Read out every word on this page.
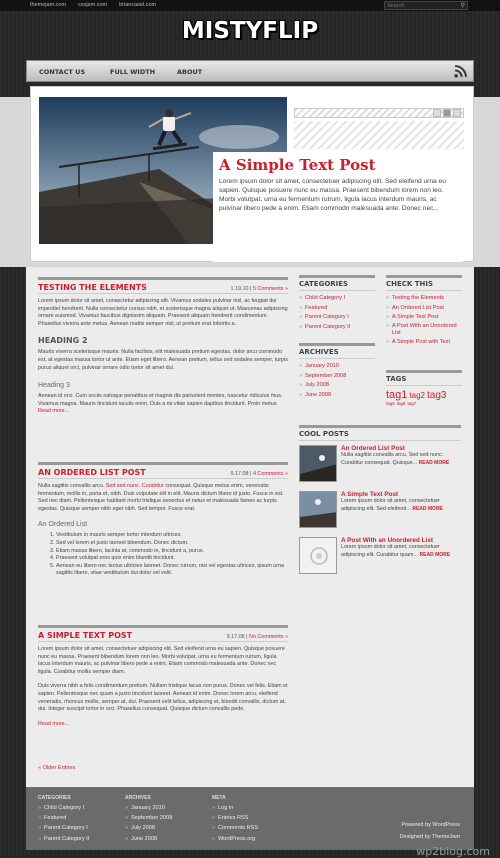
themejam.com cssjam.com briancasel.com
Search	⚲
MISTYFLIP
CONTACT US	FULL WIDTH	ABOUT
A Simple Text Post
Lorem ipsum dolor sit amet, consectetuer adipiscing elit. Sed eleifend urna eu sapien. Quisque posuere nunc eu massa. Praesent bibendum lorem non leo. Morbi volutpat, urna eu fermentum rutrum, ligula lacus interdum mauris, ac pulvinar libero pede a enim. Etiam commodo malesuada ante. Donec nec...
TESTING THE ELEMENTS	1.19.10 | 5 Comments »
Lorem ipsum dolor sit amet, consectetur adipiscing elit. Vivamus sodales pulvinar nisl, ac feugiat dui imperdiet hendrerit. Nulla consectetur cursus nibh, et scelerisque magna aliquet ut. Maecenas adipiscing ornare euismod. Vivamus faucibus dignissim aliquam. Praesent aliquam hendrerit condimentum. Phasellus viverra ante metus. Aenean mattis semper nisl, ut pretium erat lobortis a.
HEADING 2
Mauris viverra scelerisque mauris. Nulla facilisis, elit malesuada pretium egestas, dolor arcu commodo est, at egestas massa tortor ut ante. Etiam eget libero. Aenean pretium, tellus sed sodales semper, turpis purus aliquet orci, pulvinar ornare odio tortor sit amet dui.
Heading 3
Aenean id orci. Cum sociis natoque penatibus et magnis dis parturient montes, nascetur ridiculus mus. Vivamus magna. Mauris tincidunt iaculis enim. Duis a mi vitae sapien dapibus tincidunt. Proin metus. Read more...
AN ORDERED LIST POST	9.17.08 | 4 Comments »
Nulla sagittis convallis arcu. Sed sed nunc. Curabitur consequat. Quisque metus enim, venenatis fermentum, mollis in, porta et, nibh. Duis vulputate elit in elit. Mauris dictum libero id justo. Fusce in est. Sed nec diam. Pellentesque habitant morbi tristique senectus et netus et malesuada fames ac turpis egestas. Quisque semper nibh eget nibh. Sed tempor. Fusce erat.
An Ordered List
1. Vestibulum in mauris semper tortor interdum ultrices.
2. Sed vel lorem et justo laoreet bibendum. Donec dictum.
3. Etiam massa libero, lacinia at, commodo in, tincidunt a, purus.
4. Praesent volutpat eros quis enim blandit tincidunt.
5. Aenean eu libero nec lectus ultricies laoreet. Donec rutrum, nisi vel egestas ultrices, ipsum urna sagittis libero, vitae vestibulum dui dolor vel velit.
A SIMPLE TEXT POST	9.17.08 | No Comments »
Lorem ipsum dolor sit amet, consectetuer adipiscing elit. Sed eleifend urna eu sapien. Quisque posuere nunc eu massa. Praesent bibendum lorem non leo. Morbi volutpat, urna eu fermentum rutrum, ligula lacus interdum mauris, ac pulvinar libero pede a enim. Etiam commodo malesuada ante. Donec nec ligula. Curabitur mollis semper diam.
Duis viverra nibh a felis condimentum pretium. Nullam tristique lacus non purus. Donec vel felis. Etiam et sapien. Pellentesque nec quam a justo tincidunt laoreet. Aenean id enim. Donec lorem arcu, eleifend venenatis, rhoncus mollis, semper at, dui. Praesent velit tellus, adipiscing et, blandit convallis, dictum at, dui. Integer suscipit tortor in orci. Phasellus consequat. Quisque dictum convallis pede.
Read more...
« Older Entries
CATEGORIES
» Child Category I
» Featured
» Parent Category I
» Parent Category II
ARCHIVES
» January 2010
» September 2008
» July 2008
» June 2008
CHECK THIS
» Testing the Elements
» An Ordered List Post
» A Simple Text Post
» A Post With an Unordered List
» A Simple Post with Text
TAGS
tag1 tag2 tag3
tag5 tag6 tag7
COOL POSTS
An Ordered List Post
Nulla sagittis convallis arcu. Sed sed nunc. Curabitur consequat. Quisque... READ MORE
A Simple Text Post
Lorem ipsum dolor sit amet, consectetuer adipiscing elit. Sed eleifend... READ MORE
A Post With an Unordered List
Lorem ipsum dolor sit amet, consectetuer adipiscing elit. Curabitur quam... READ MORE
CATEGORIES
» Child Category I
» Featured
» Parent Category I
» Parent Category II
ARCHIVES
» January 2010
» September 2008
» July 2008
» June 2008
META
» Log in
» Entries RSS
» Comments RSS
» WordPress.org
Powered by WordPress
Designed by ThemeJam
wp2blog.com
